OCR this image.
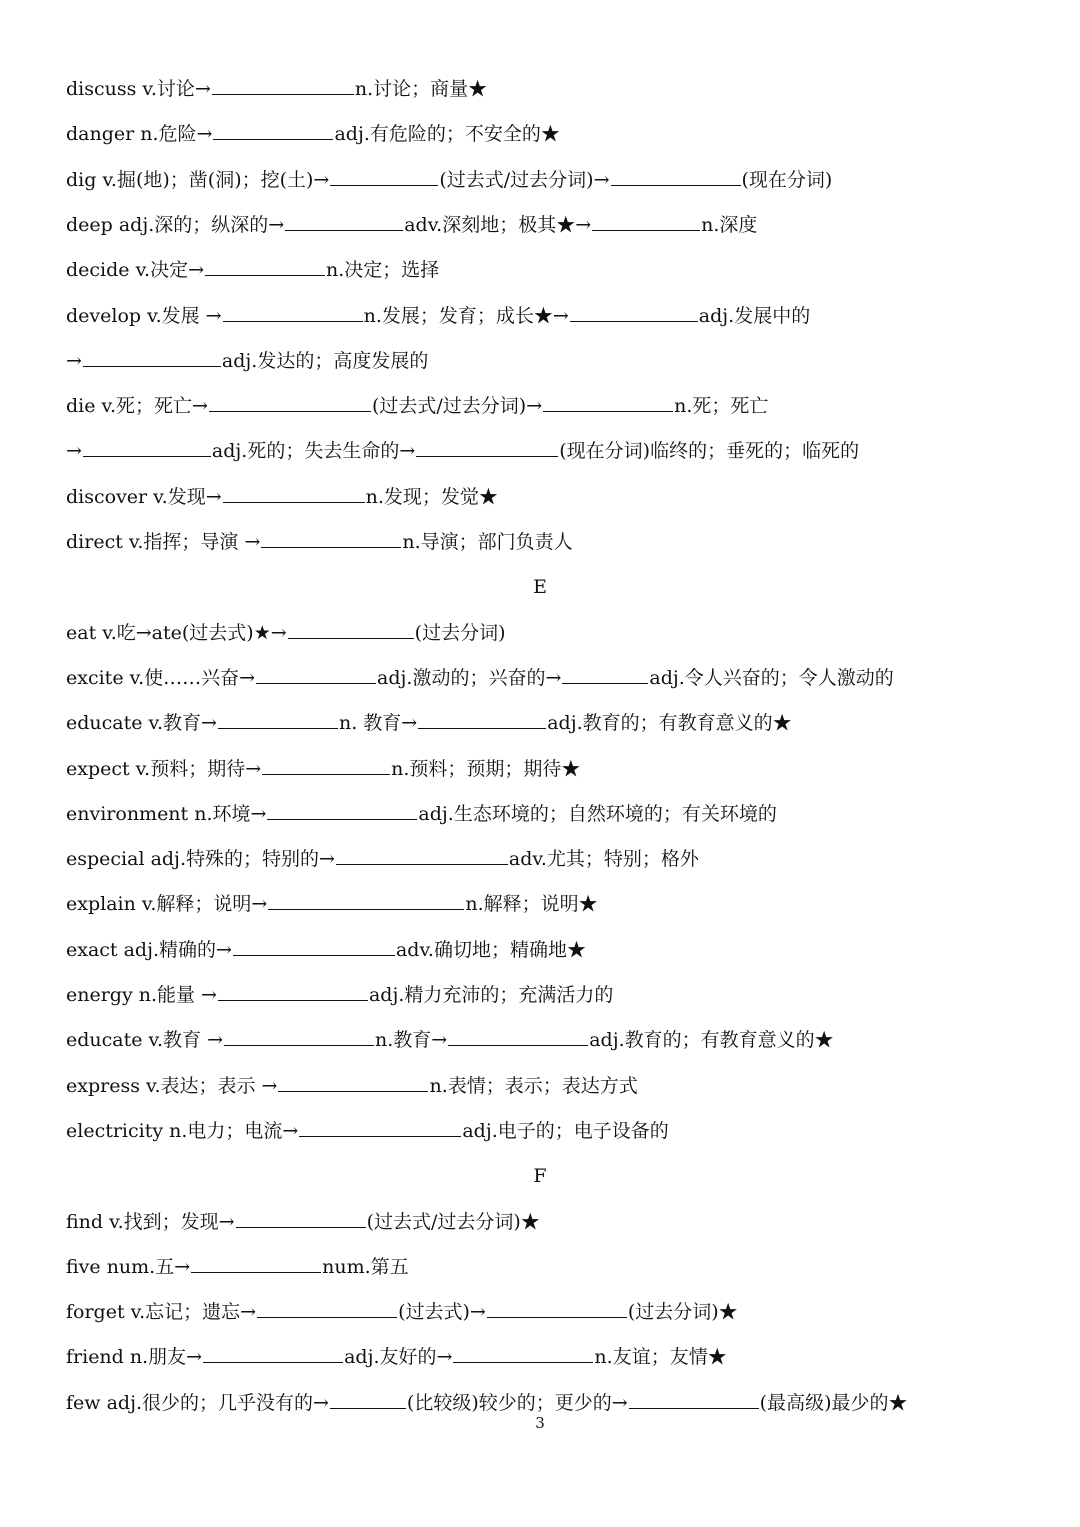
discuss v.讨论→	n.讨论；商量★
danger n.危险→	adj.有危险的；不安全的★
dig v.掘(地)；凿(洞)；挖(土)→	(过去式/过去分词)→	(现在分词)
deep adj.深的；纵深的→	adv.深刻地；极其★→	n.深度
decide v.决定→	n.决定；选择
develop v.发展 →	n.发展；发育；成长★→	adj.发展中的
→	adj.发达的；高度发展的
die v.死；死亡→	(过去式/过去分词)→	n.死；死亡
→	adj.死的；失去生命的→	(现在分词)临终的；垂死的；临死的
discover v.发现→	n.发现；发觉★
direct v.指挥；导演 →	n.导演；部门负责人
E
eat v.吃→ate(过去式)★→	(过去分词)
excite v.使……兴奋→	adj.激动的；兴奋的→	adj.令人兴奋的；令人激动的
educate v.教育→	n. 教育→	adj.教育的；有教育意义的★
expect v.预料；期待→	n.预料；预期；期待★
environment n.环境→	adj.生态环境的；自然环境的；有关环境的
especial adj.特殊的；特别的→	adv.尤其；特别；格外
explain v.解释；说明→	n.解释；说明★
exact adj.精确的→	adv.确切地；精确地★
energy n.能量 →	adj.精力充沛的；充满活力的
educate v.教育 →	n.教育→	adj.教育的；有教育意义的★
express v.表达；表示 →	n.表情；表示；表达方式
electricity n.电力；电流→	adj.电子的；电子设备的
F
find v.找到；发现→	(过去式/过去分词)★
five num.五→	num.第五
forget v.忘记；遗忘→	(过去式)→	(过去分词)★
friend n.朋友→	adj.友好的→	n.友谊；友情★
few adj.很少的；几乎没有的→	(比较级)较少的；更少的→	(最高级)最少的★
3
